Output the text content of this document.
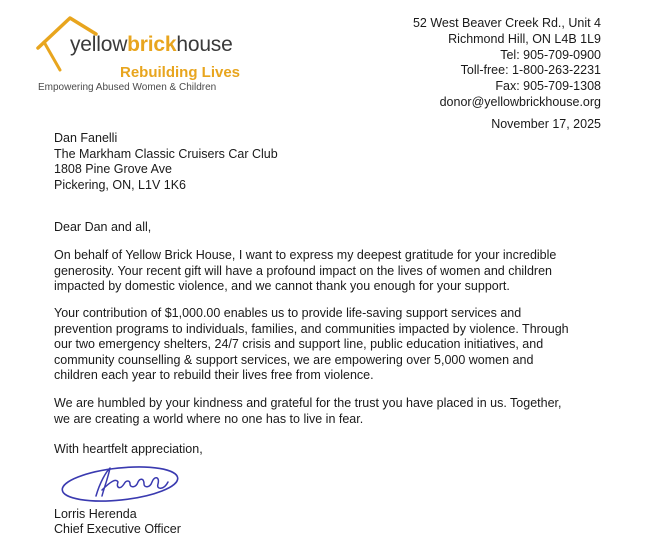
yellowbrickhouse
Rebuilding Lives
Empowering Abused Women & Children
52 West Beaver Creek Rd., Unit 4
Richmond Hill, ON L4B 1L9
Tel: 905-709-0900
Toll-free: 1-800-263-2231
Fax: 905-709-1308
donor@yellowbrickhouse.org
November 17, 2025
Dan Fanelli
The Markham Classic Cruisers Car Club
1808 Pine Grove Ave
Pickering, ON, L1V 1K6
Dear Dan and all,
On behalf of Yellow Brick House, I want to express my deepest gratitude for your incredible
generosity. Your recent gift will have a profound impact on the lives of women and children
impacted by domestic violence, and we cannot thank you enough for your support.
Your contribution of $1,000.00 enables us to provide life-saving support services and
prevention programs to individuals, families, and communities impacted by violence. Through
our two emergency shelters, 24/7 crisis and support line, public education initiatives, and
community counselling & support services, we are empowering over 5,000 women and
children each year to rebuild their lives free from violence.
We are humbled by your kindness and grateful for the trust you have placed in us. Together,
we are creating a world where no one has to live in fear.
With heartfelt appreciation,
Lorris Herenda
Chief Executive Officer
